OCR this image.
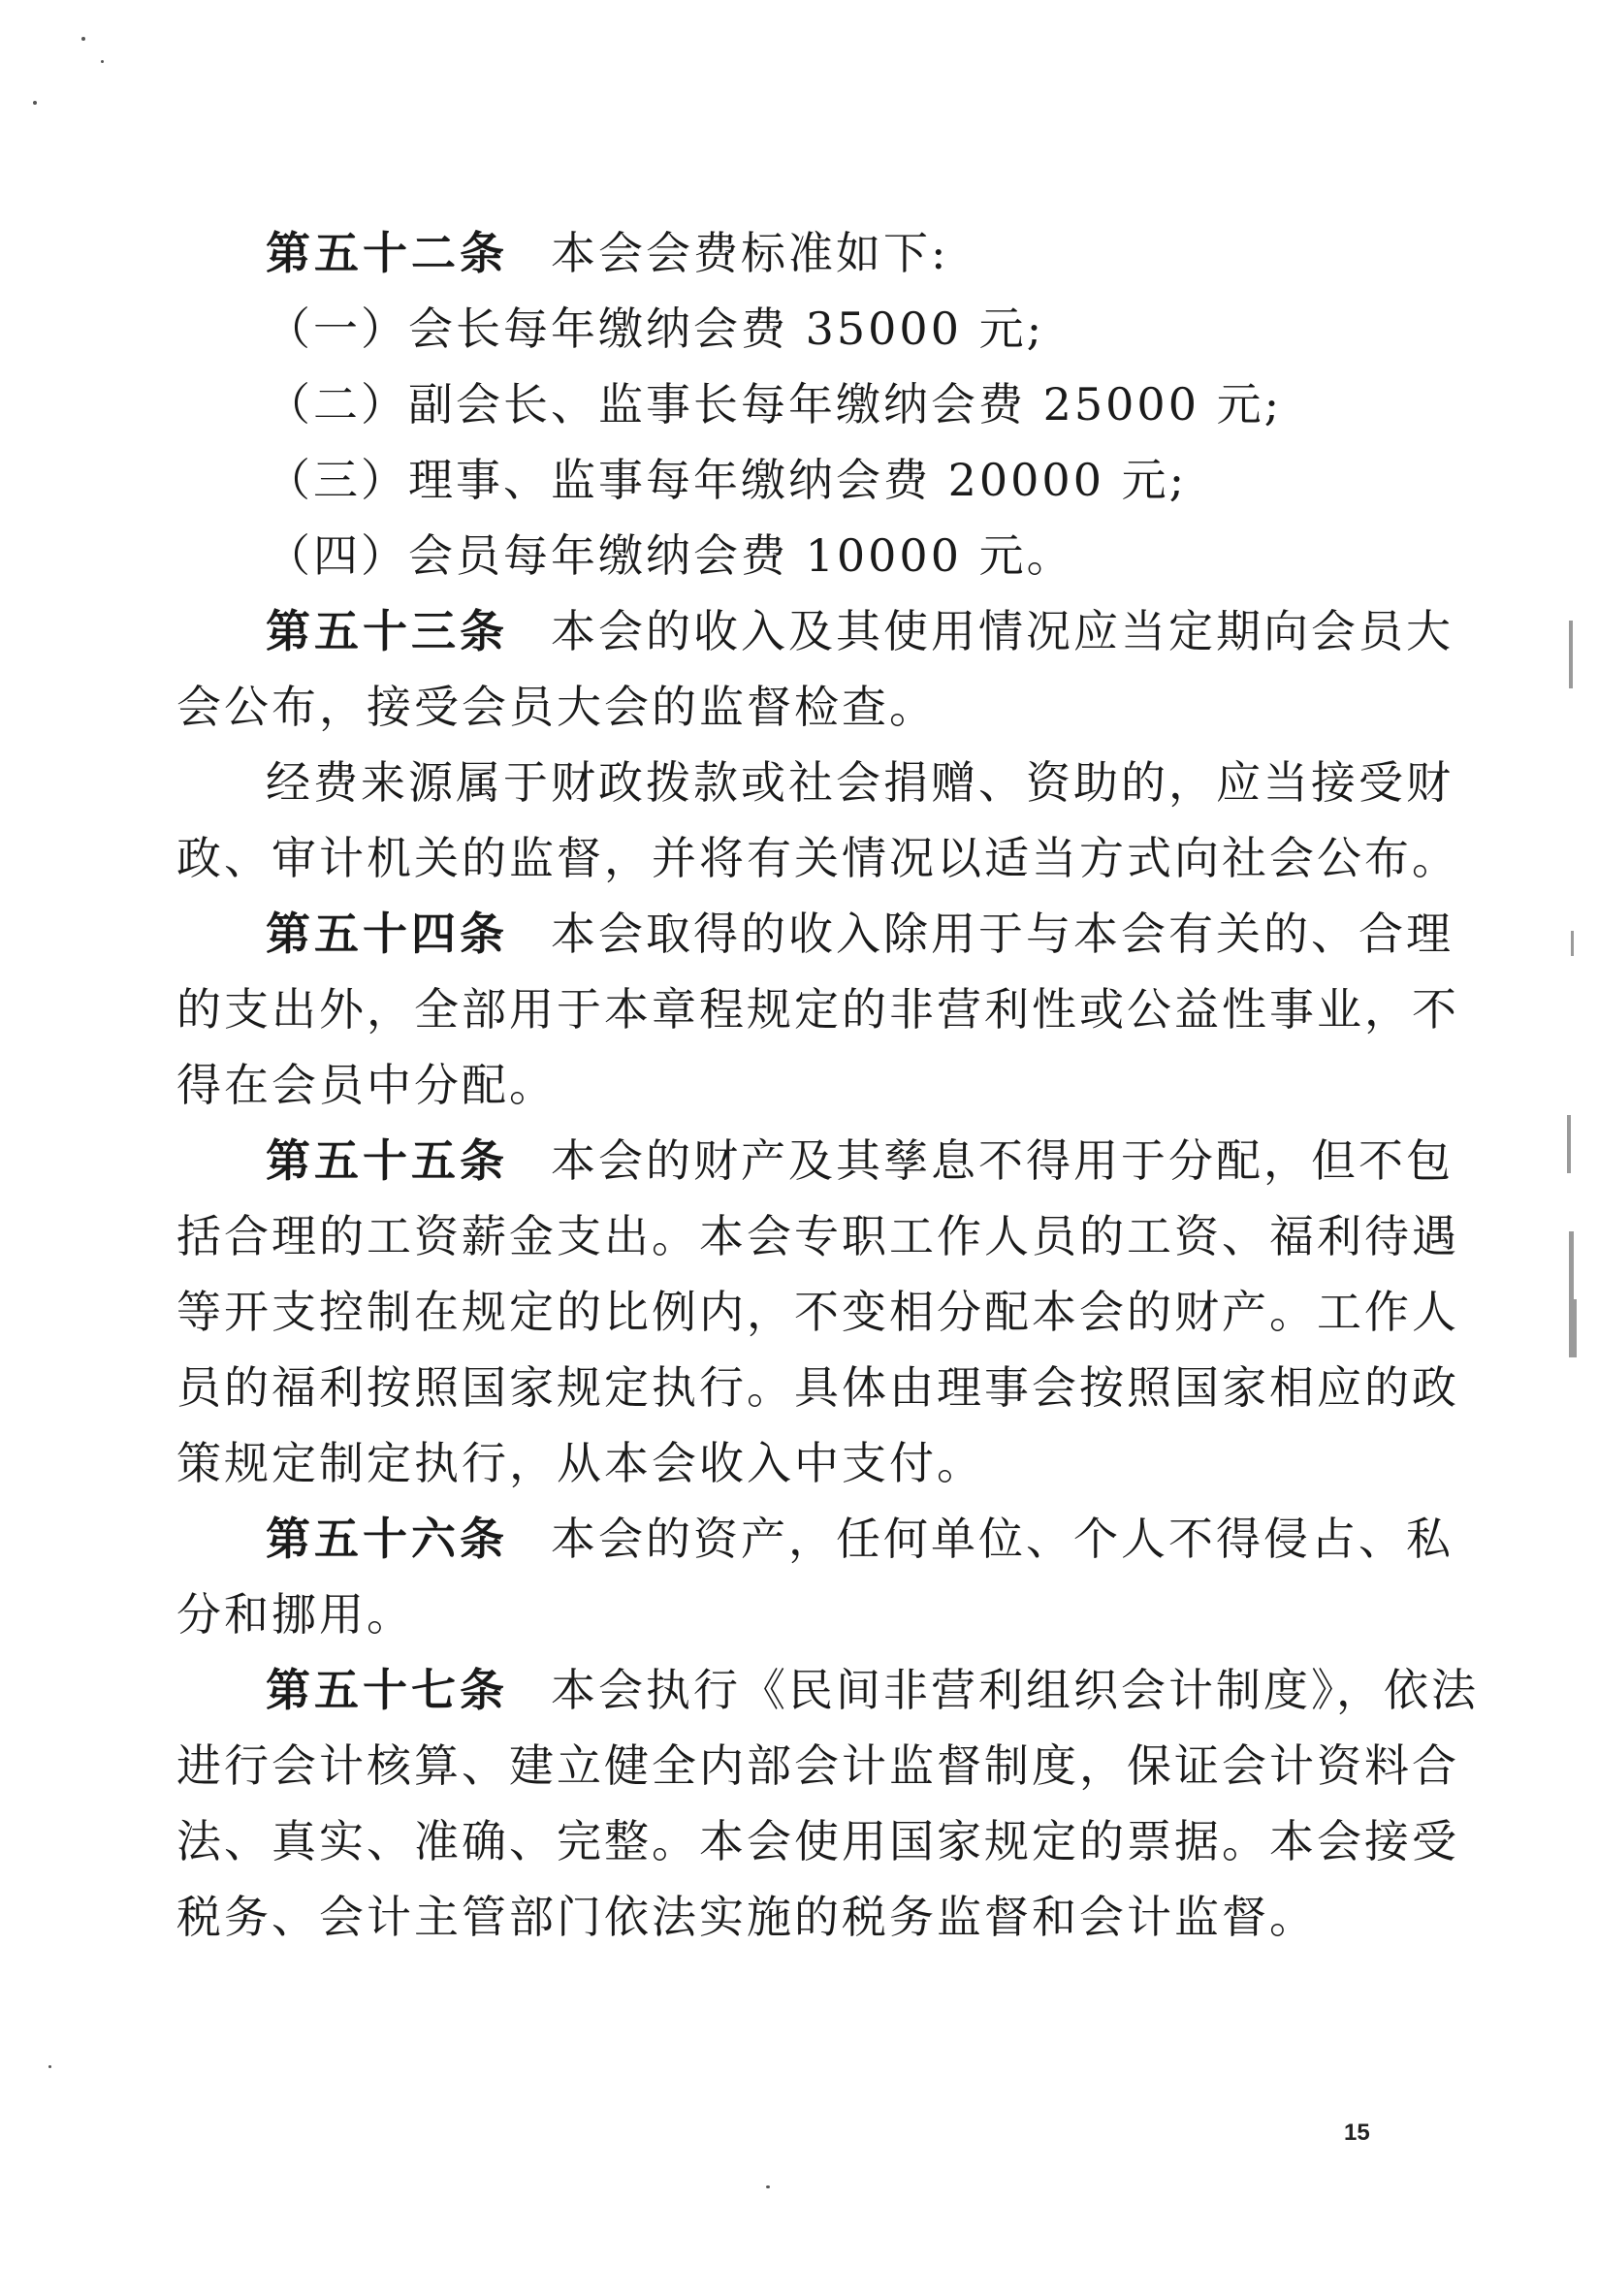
第五十二条 本会会费标准如下:
（一）会长每年缴纳会费 35000 元;
（二）副会长、监事长每年缴纳会费 25000 元;
（三）理事、监事每年缴纳会费 20000 元;
（四）会员每年缴纳会费 10000 元。
第五十三条 本会的收入及其使用情况应当定期向会员大
会公布，接受会员大会的监督检查。
经费来源属于财政拨款或社会捐赠、资助的，应当接受财
政、审计机关的监督，并将有关情况以适当方式向社会公布。
第五十四条 本会取得的收入除用于与本会有关的、合理
的支出外，全部用于本章程规定的非营利性或公益性事业，不
得在会员中分配。
第五十五条 本会的财产及其孳息不得用于分配，但不包
括合理的工资薪金支出。本会专职工作人员的工资、福利待遇
等开支控制在规定的比例内，不变相分配本会的财产。工作人
员的福利按照国家规定执行。具体由理事会按照国家相应的政
策规定制定执行，从本会收入中支付。
第五十六条 本会的资产，任何单位、个人不得侵占、私
分和挪用。
第五十七条 本会执行《民间非营利组织会计制度》，依法
进行会计核算、建立健全内部会计监督制度，保证会计资料合
法、真实、准确、完整。本会使用国家规定的票据。本会接受
税务、会计主管部门依法实施的税务监督和会计监督。
15
